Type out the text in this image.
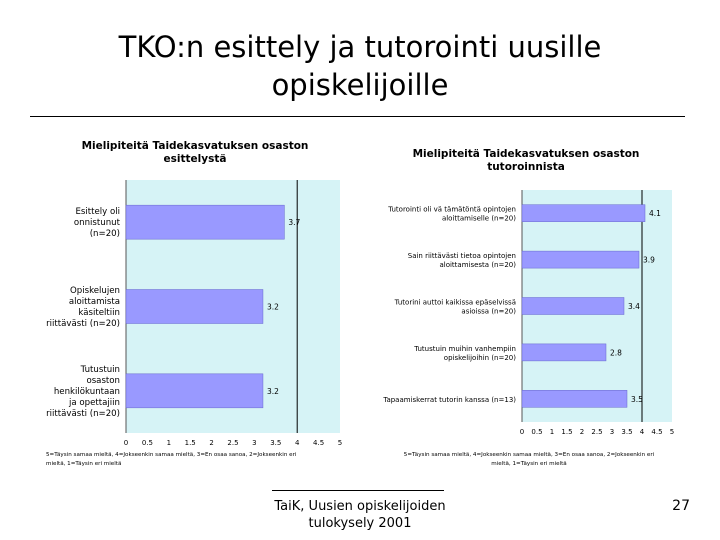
TKO:n esittely ja tutorointi uusille
opiskelijoille
Mielipiteitä Taidekasvatuksen osaston
esittelystä
0 0.5 1 1.5 2 2.5 3 3.5 4 4.5 5
3.7
Esittely oli
onnistunut
(n=20)
3.2
Opiskelujen
aloittamista
käsiteltiin
riittävästi (n=20)
3.2
Tutustuin
osaston
henkilökuntaan
ja opettajiin
riittävästi (n=20)
5=Täysin samaa mieltä, 4=Jokseenkin samaa mieltä, 3=En osaa sanoa, 2=Jokseenkin eri
mieltä, 1=Täysin eri mieltä
Mielipiteitä Taidekasvatuksen osaston
tutoroinnista
0 0.5 1 1.5 2 2.5 3 3.5 4 4.5 5
4.1
Tutorointi oli vä tämätöntä opintojen
aloittamiselle (n=20)
3.9
Sain riittävästi tietoa opintojen
aloittamisesta (n=20)
3.4
Tutorini auttoi kaikissa epäselvissä
asioissa (n=20)
2.8
Tutustuin muihin vanhempiin
opiskelijoihin (n=20)
3.5
Tapaamiskerrat tutorin kanssa (n=13)
5=Täysin samaa mieltä, 4=Jokseenkin samaa mieltä, 3=En osaa sanoa, 2=Jokseenkin eri
mieltä, 1=Täysin eri mieltä
TaiK, Uusien opiskelijoiden
tulokysely 2001
27
